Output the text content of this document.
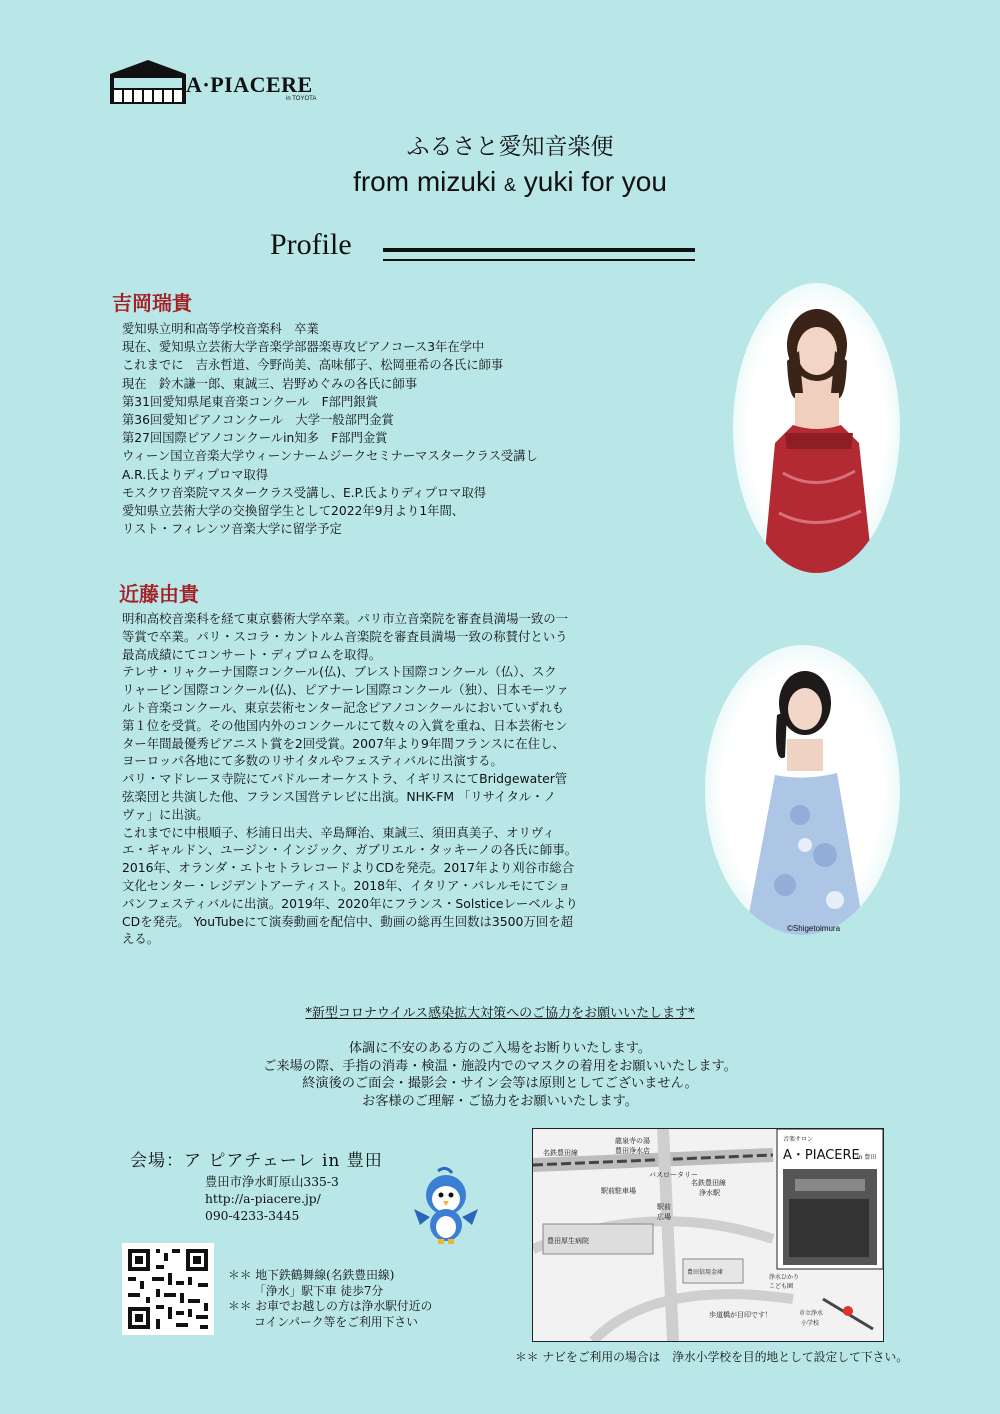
A·PIACERE
in TOYOTA
ふるさと愛知音楽便
from mizuki & yuki for you
Profile
吉岡瑞貴
愛知県立明和高等学校音楽科　卒業
現在、愛知県立芸術大学音楽学部器楽専攻ピアノコース3年在学中
これまでに　吉永哲道、今野尚美、高味郁子、松岡亜希の各氏に師事
現在　鈴木謙一郎、東誠三、岩野めぐみの各氏に師事
第31回愛知県尾東音楽コンクール　F部門銀賞
第36回愛知ピアノコンクール　大学一般部門金賞
第27回国際ピアノコンクールin知多　F部門金賞
ウィーン国立音楽大学ウィーンナームジークセミナーマスタークラス受講し
A.R.氏よりディプロマ取得
モスクワ音楽院マスタークラス受講し、E.P.氏よりディプロマ取得
愛知県立芸術大学の交換留学生として2022年9月より1年間、
リスト・フィレンツ音楽大学に留学予定
近藤由貴
明和高校音楽科を経て東京藝術大学卒業。パリ市立音楽院を審査員満場一致の一
等賞で卒業。パリ・スコラ・カントルム音楽院を審査員満場一致の称賛付という
最高成績にてコンサート・ディプロムを取得。
テレサ・リャクーナ国際コンクール(仏)、ブレスト国際コンクール（仏）、スク
リャービン国際コンクール(仏)、ピアナーレ国際コンクール（独）、日本モーツァ
ルト音楽コンクール、東京芸術センター記念ピアノコンクールにおいていずれも
第１位を受賞。その他国内外のコンクールにて数々の入賞を重ね、日本芸術セン
ター年間最優秀ピアニスト賞を2回受賞。2007年より9年間フランスに在住し、
ヨーロッパ各地にて多数のリサイタルやフェスティバルに出演する。
パリ・マドレーヌ寺院にてパドルーオーケストラ、イギリスにてBridgewater管
弦楽団と共演した他、フランス国営テレビに出演。NHK-FM 「リサイタル・ノ
ヴァ」に出演。
これまでに中根順子、杉浦日出夫、辛島輝治、東誠三、須田真美子、オリヴィ
エ・ギャルドン、ユージン・インジック、ガブリエル・タッキーノの各氏に師事。
2016年、オランダ・エトセトラレコードよりCDを発売。2017年より刈谷市総合
文化センター・レジデントアーティスト。2018年、イタリア・パレルモにてショ
パンフェスティバルに出演。2019年、2020年にフランス・Solsticeレーベルより
CDを発売。 YouTubeにて演奏動画を配信中、動画の総再生回数は3500万回を超
える。
©Shigetoimura
*新型コロナウイルス感染拡大対策へのご協力をお願いいたします*
体調に不安のある方のご入場をお断りいたします。
ご来場の際、手指の消毒・検温・施設内でのマスクの着用をお願いいたします。
終演後のご面会・撮影会・サイン会等は原則としてございません。
お客様のご理解・ご協力をお願いいたします。
会場：ア ピアチェーレ in 豊田
豊田市浄水町原山335-3
http://a-piacere.jp/
090-4233-3445
＊＊ 地下鉄鶴舞線(名鉄豊田線)
「浄水」駅下車 徒歩7分
＊＊ お車でお越しの方は浄水駅付近の
コインパーク等をご利用下さい
音楽サロン
A・PIACERE
in 豊田
龍泉寺の湯
豊田浄水店
名鉄豊田線
バスロータリー
名鉄豊田線
浄水駅
駅前駐車場
駅前
広場
豊田厚生病院
豊田信用金庫
浄水ひかり
こども園
歩道橋が目印です！	市立浄水
小学校
＊＊ ナビをご利用の場合は　浄水小学校を目的地として設定して下さい。
